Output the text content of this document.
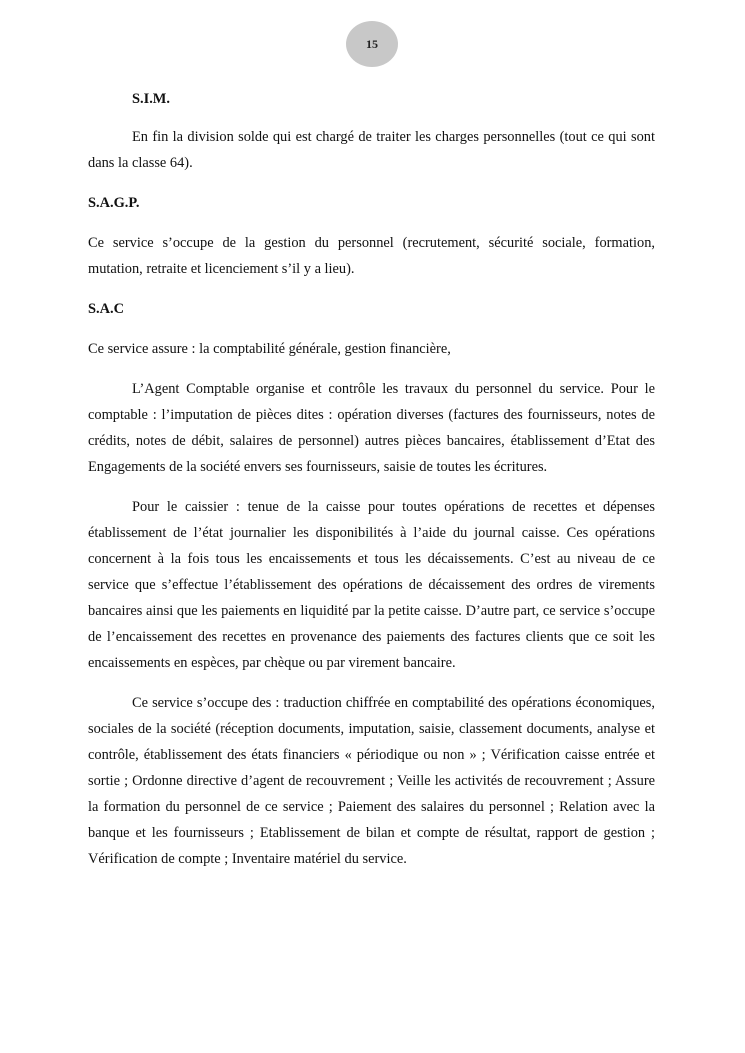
15

S.I.M.

En fin la division solde qui est chargé de traiter les charges personnelles (tout ce qui sont dans la classe 64).

S.A.G.P.

Ce service s’occupe de la gestion du personnel (recrutement, sécurité sociale, formation, mutation, retraite et licenciement s’il y a lieu).

S.A.C

Ce service assure : la comptabilité générale, gestion financière,

L’Agent Comptable organise et contrôle les travaux du personnel du service. Pour le comptable : l’imputation de pièces dites : opération diverses (factures des fournisseurs, notes de crédits, notes de débit, salaires de personnel) autres pièces bancaires, établissement d’Etat des Engagements de la société envers ses fournisseurs, saisie de toutes les écritures.

Pour le caissier : tenue de la caisse pour toutes opérations de recettes et dépenses établissement de l’état journalier les disponibilités à l’aide du journal caisse. Ces opérations concernent à la fois tous les encaissements et tous les décaissements. C’est au niveau de ce service que s’effectue l’établissement des opérations de décaissement des ordres de virements bancaires ainsi que les paiements en liquidité par la petite caisse. D’autre part, ce service s’occupe de l’encaissement des recettes en provenance des paiements des factures clients que ce soit les encaissements en espèces, par chèque ou par virement bancaire.

Ce service s’occupe des : traduction chiffrée en comptabilité des opérations économiques, sociales de la société (réception documents, imputation, saisie, classement documents, analyse et contrôle, établissement des états financiers « périodique ou non » ; Vérification caisse entrée et sortie ; Ordonne directive d’agent de recouvrement ; Veille les activités de recouvrement ; Assure la formation du personnel de ce service ; Paiement des salaires du personnel ; Relation avec la banque et les fournisseurs ; Etablissement de bilan et compte de résultat, rapport de gestion ; Vérification de compte ; Inventaire matériel du service.
